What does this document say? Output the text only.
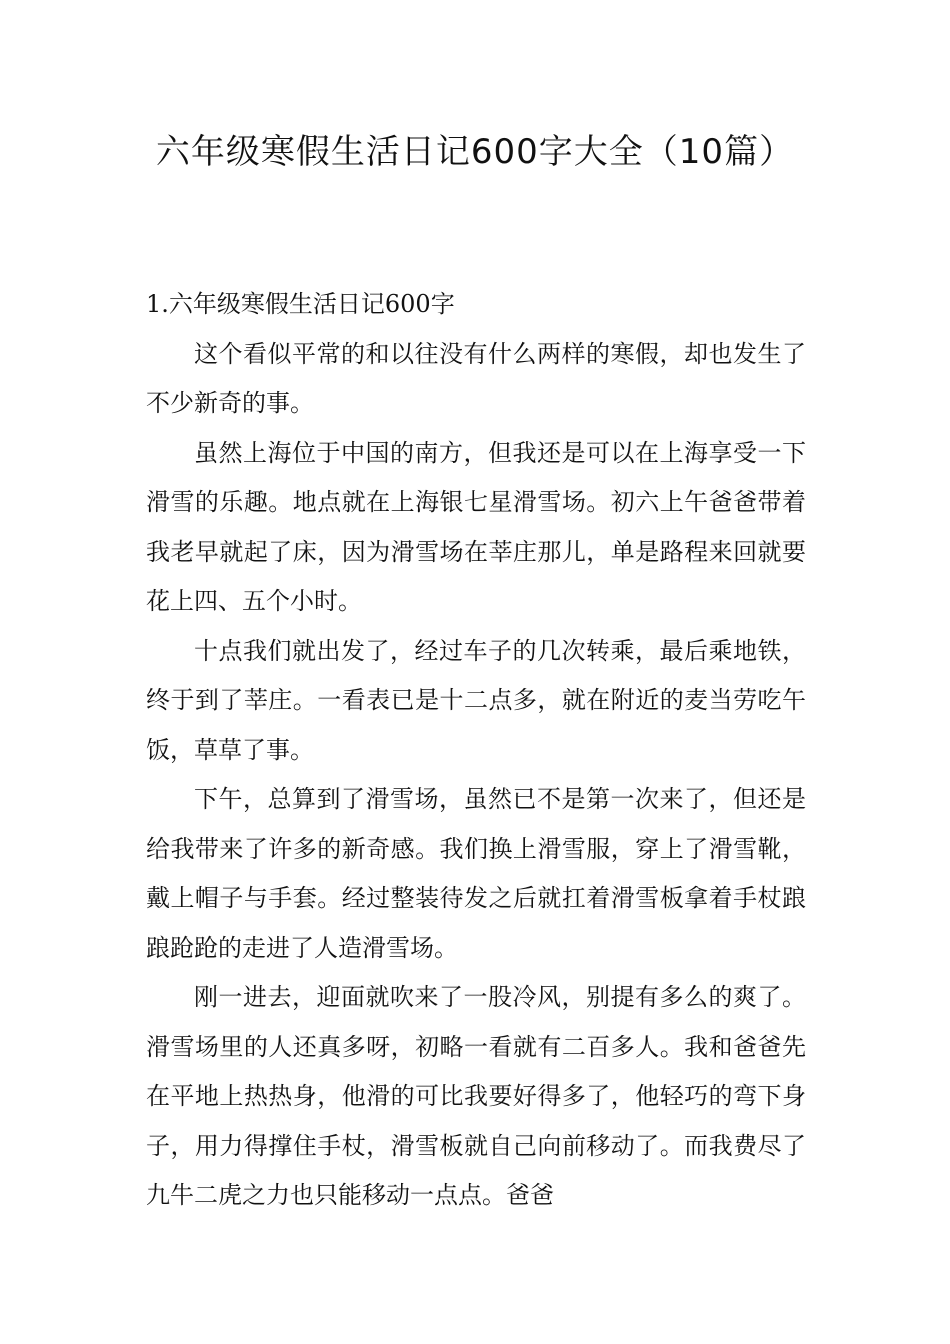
六年级寒假生活日记600字大全（10篇）
1.六年级寒假生活日记600字

这个看似平常的和以往没有什么两样的寒假，却也发生了不少新奇的事。

虽然上海位于中国的南方，但我还是可以在上海享受一下滑雪的乐趣。地点就在上海银七星滑雪场。初六上午爸爸带着我老早就起了床，因为滑雪场在莘庄那儿，单是路程来回就要花上四、五个小时。

十点我们就出发了，经过车子的几次转乘，最后乘地铁，终于到了莘庄。一看表已是十二点多，就在附近的麦当劳吃午饭，草草了事。

下午，总算到了滑雪场，虽然已不是第一次来了，但还是给我带来了许多的新奇感。我们换上滑雪服，穿上了滑雪靴，戴上帽子与手套。经过整装待发之后就扛着滑雪板拿着手杖踉踉跄跄的走进了人造滑雪场。

刚一进去，迎面就吹来了一股冷风，别提有多么的爽了。滑雪场里的人还真多呀，初略一看就有二百多人。我和爸爸先在平地上热热身，他滑的可比我要好得多了，他轻巧的弯下身子，用力得撑住手杖，滑雪板就自己向前移动了。而我费尽了九牛二虎之力也只能移动一点点。爸爸
